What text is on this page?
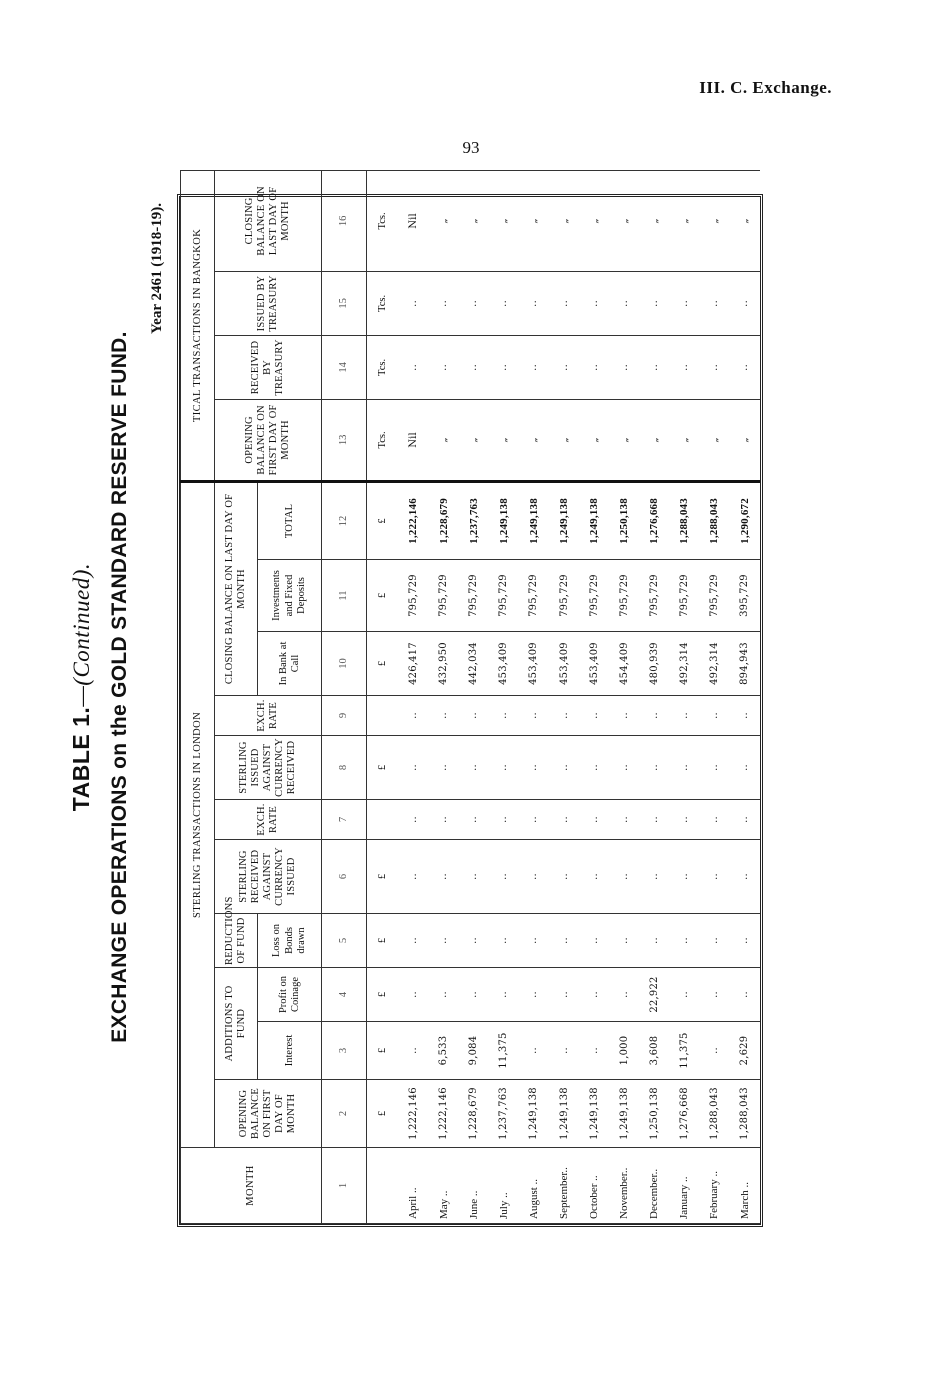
III. C. Exchange.
93
TABLE 1.—(Continued). EXCHANGE OPERATIONS on the GOLD STANDARD RESERVE FUND.
Year 2461 (1918-19).
MONTH	STERLING TRANSACTIONS IN LONDON											TICAL TRANSACTIONS IN BANGKOK			
	OPENING BALANCE ON FIRST DAY OF MONTH	ADDITIONS TO FUND		REDUCTIONS OF FUND	STERLING RECEIVED AGAINST CURRENCY ISSUED	EXCH. RATE	STERLING ISSUED AGAINST CURRENCY RECEIVED	EXCH. RATE	CLOSING BALANCE ON LAST DAY OF MONTH			OPENING BALANCE ON FIRST DAY OF MONTH	RECEIVED BY TREASURY	ISSUED BY TREASURY	CLOSING BALANCE ON LAST DAY OF MONTH
		Interest	Profit on Coinage	Loss on Bonds drawn					In Bank at Call	Investments and Fixed Deposits	TOTAL				
1	2	3	4	5	6	7	8	9	10	11	12	13	14	15	16
	£	£	£	£	£		£		£	£	£	Tcs.	Tcs.	Tcs.	Tcs.
April ..	1,222,146	..	..	..	..	..	..	..	426,417	795,729	1,222,146	Nil	..	..	Nil
May ..	1,222,146	6,533	..	..	..	..	..	..	432,950	795,729	1,228,679	„	..	..	„
June ..	1,228,679	9,084	..	..	..	..	..	..	442,034	795,729	1,237,763	„	..	..	„
July ..	1,237,763	11,375	..	..	..	..	..	..	453,409	795,729	1,249,138	„	..	..	„
August ..	1,249,138	..	..	..	..	..	..	..	453,409	795,729	1,249,138	„	..	..	„
September..	1,249,138	..	..	..	..	..	..	..	453,409	795,729	1,249,138	„	..	..	„
October ..	1,249,138	..	..	..	..	..	..	..	453,409	795,729	1,249,138	„	..	..	„
November..	1,249,138	1,000	..	..	..	..	..	..	454,409	795,729	1,250,138	„	..	..	„
December..	1,250,138	3,608	22,922	..	..	..	..	..	480,939	795,729	1,276,668	„	..	..	„
January ..	1,276,668	11,375	..	..	..	..	..	..	492,314	795,729	1,288,043	„	..	..	„
February ..	1,288,043	..	..	..	..	..	..	..	492,314	795,729	1,288,043	„	..	..	„
March ..	1,288,043	2,629	..	..	..	..	..	..	894,943	395,729	1,290,672	„	..	..	„
